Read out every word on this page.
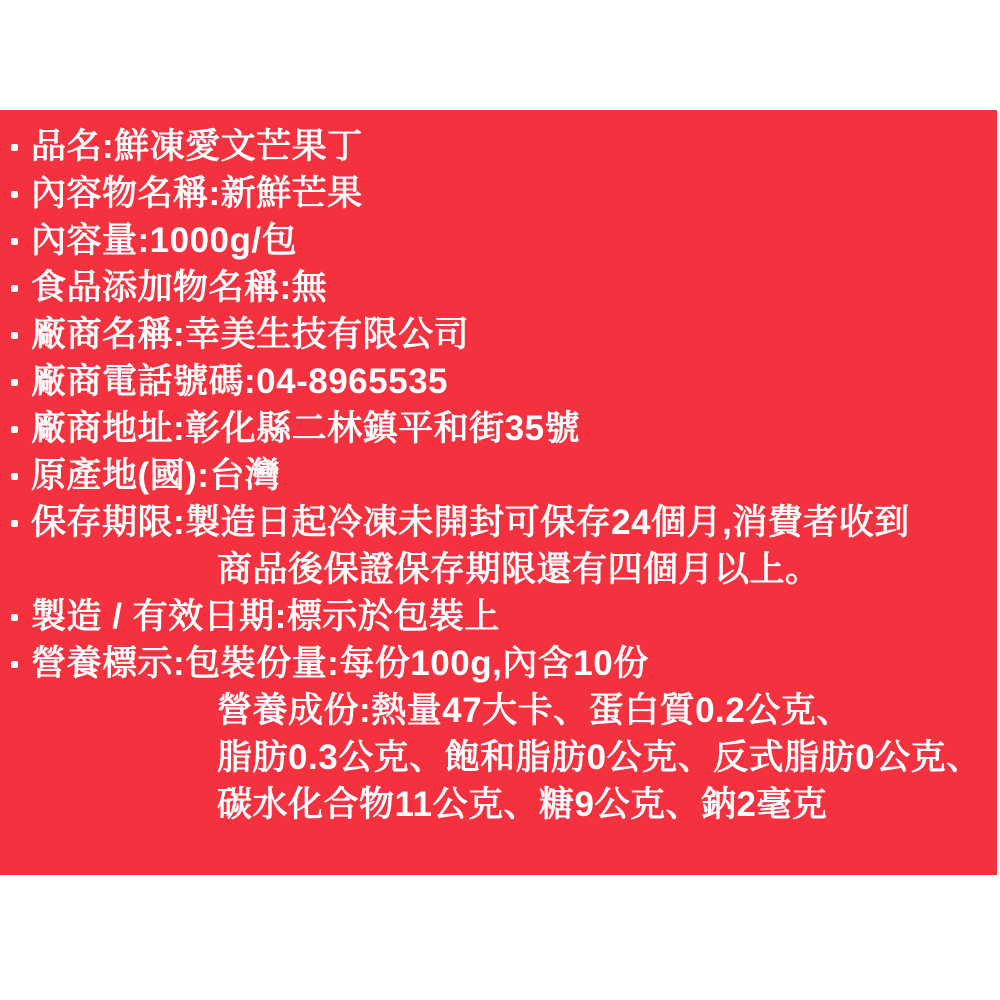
品名:鮮凍愛文芒果丁
內容物名稱:新鮮芒果
內容量:1000g/包
食品添加物名稱:無
廠商名稱:幸美生技有限公司
廠商電話號碼:04-8965535
廠商地址:彰化縣二林鎮平和街35號
原產地(國):台灣
保存期限:製造日起冷凍未開封可保存24個月,消費者收到
商品後保證保存期限還有四個月以上。
製造 / 有效日期:標示於包裝上
營養標示:包裝份量:每份100g,內含10份
營養成份:熱量47大卡、蛋白質0.2公克、
脂肪0.3公克、飽和脂肪0公克、反式脂肪0公克、
碳水化合物11公克、糖9公克、鈉2毫克
